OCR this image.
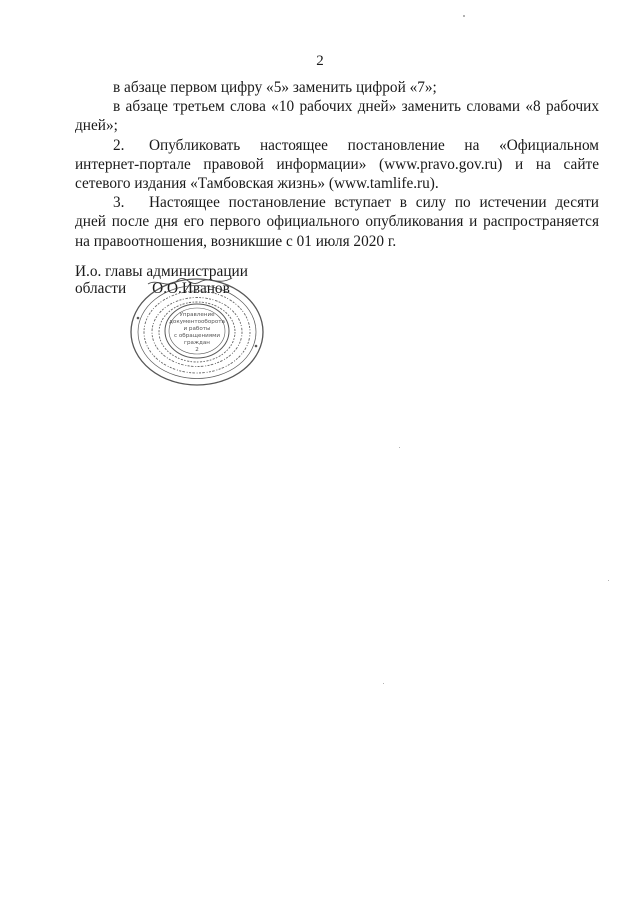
2

в абзаце первом цифру «5» заменить цифрой «7»;

в абзаце третьем слова «10 рабочих дней» заменить словами «8 рабочих дней»;

2. Опубликовать настоящее постановление на «Официальном интернет-портале правовой информации» (www.pravo.gov.ru) и на сайте сетевого издания «Тамбовская жизнь» (www.tamlife.ru).

3. Настоящее постановление вступает в силу по истечении десяти дней после дня его первого официального опубликования и распространяется на правоотношения, возникшие с 01 июля 2020 г.

И.о. главы администрации
области О.О.Иванов
Управление
документооборота
и работы
с обращениями
граждан
2
